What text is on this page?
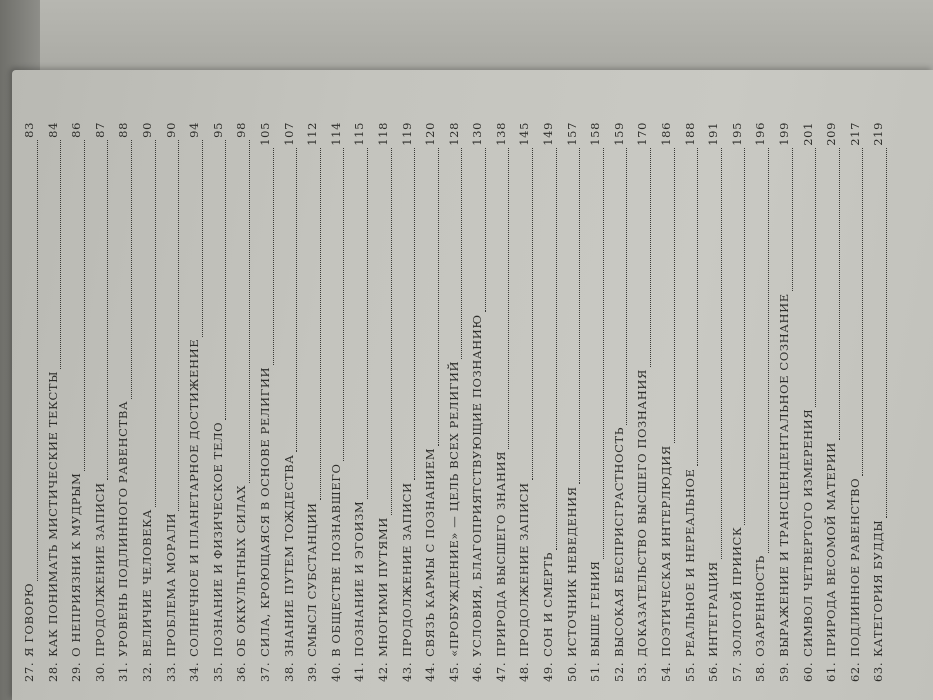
27.
Я ГОВОРЮ
83
28.
КАК ПОНИМАТЬ МИСТИЧЕСКИЕ ТЕКСТЫ
84
29.
О НЕПРИЯЗНИ К МУДРЫМ
86
30.
ПРОДОЛЖЕНИЕ ЗАПИСИ
87
31.
УРОВЕНЬ ПОДЛИННОГО РАВЕНСТВА
88
32.
ВЕЛИЧИЕ ЧЕЛОВЕКА
90
33.
ПРОБЛЕМА МОРАЛИ
90
34.
СОЛНЕЧНОЕ И ПЛАНЕТАРНОЕ ДОСТИЖЕНИЕ
94
35.
ПОЗНАНИЕ И ФИЗИЧЕСКОЕ ТЕЛО
95
36.
ОБ ОККУЛЬТНЫХ СИЛАХ
98
37.
СИЛА, КРОЮЩАЯСЯ В ОСНОВЕ РЕЛИГИИ
105
38.
ЗНАНИЕ ПУТЕМ ТОЖДЕСТВА
107
39.
СМЫСЛ СУБСТАНЦИИ
112
40.
В ОБЩЕСТВЕ ПОЗНАВШЕГО
114
41.
ПОЗНАНИЕ И ЭГОИЗМ
115
42.
МНОГИМИ ПУТЯМИ
118
43.
ПРОДОЛЖЕНИЕ ЗАПИСИ
119
44.
СВЯЗЬ КАРМЫ С ПОЗНАНИЕМ
120
45.
«ПРОБУЖДЕНИЕ» — ЦЕЛЬ ВСЕХ РЕЛИГИЙ
128
46.
УСЛОВИЯ, БЛАГОПРИЯТСТВУЮЩИЕ ПОЗНАНИЮ
130
47.
ПРИРОДА ВЫСШЕГО ЗНАНИЯ
138
48.
ПРОДОЛЖЕНИЕ ЗАПИСИ
145
49.
СОН И СМЕРТЬ
149
50.
ИСТОЧНИК НЕВЕДЕНИЯ
157
51.
ВЫШЕ ГЕНИЯ
158
52.
ВЫСОКАЯ БЕСПРИСГРАСТНОСТЬ
159
53.
ДОКАЗАТЕЛЬСТВО ВЫСШЕГО ПОЗНАНИЯ
170
54.
ПОЭТИЧЕСКАЯ ИНТЕРЛЮДИЯ
186
55.
РЕАЛЬНОЕ И НЕРЕАЛЬНОЕ
188
56.
ИНТЕГРАЦИЯ
191
57.
ЗОЛОТОЙ ПРИИСК
195
58.
ОЗАРЕННОСТЬ
196
59.
ВЫРАЖЕНИЕ И ТРАНСЦЕНДЕНТАЛЬНОЕ СОЗНАНИЕ
199
60.
СИМВОЛ ЧЕТВЕРТОГО ИЗМЕРЕНИЯ
201
61.
ПРИРОДА ВЕСОМОЙ МАТЕРИИ
209
62.
ПОДЛИННОЕ РАВЕНСТВО
217
63.
КАТЕГОРИЯ БУДДЫ
219
